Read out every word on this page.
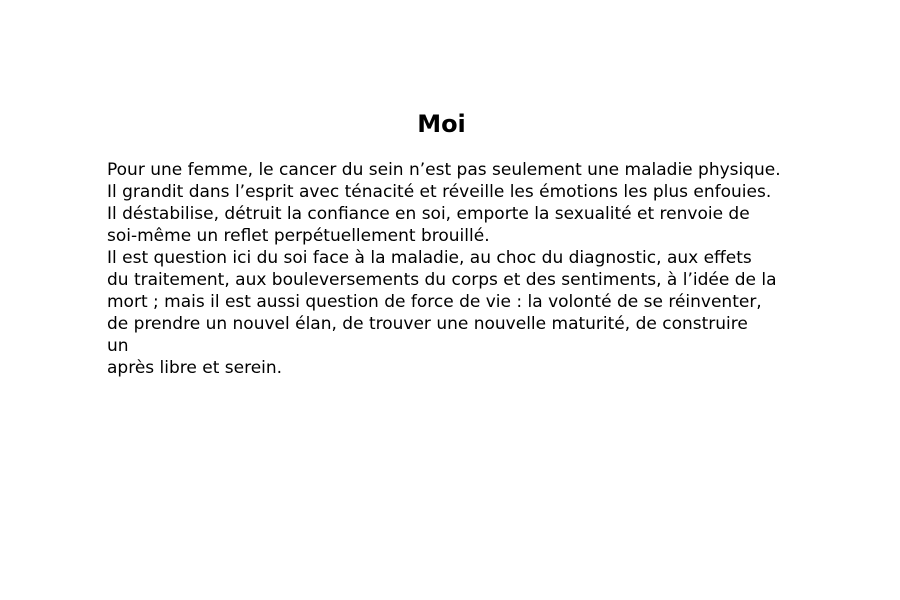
Moi
Pour une femme, le cancer du sein n’est pas seulement une maladie physique.
Il grandit dans l’esprit avec ténacité et réveille les émotions les plus enfouies.
Il déstabilise, détruit la confiance en soi, emporte la sexualité et renvoie de
soi-même un reflet perpétuellement brouillé.
Il est question ici du soi face à la maladie, au choc du diagnostic, aux effets
du traitement, aux bouleversements du corps et des sentiments, à l’idée de la
mort ; mais il est aussi question de force de vie : la volonté de se réinventer,
de prendre un nouvel élan, de trouver une nouvelle maturité, de construire
un
après libre et serein.
